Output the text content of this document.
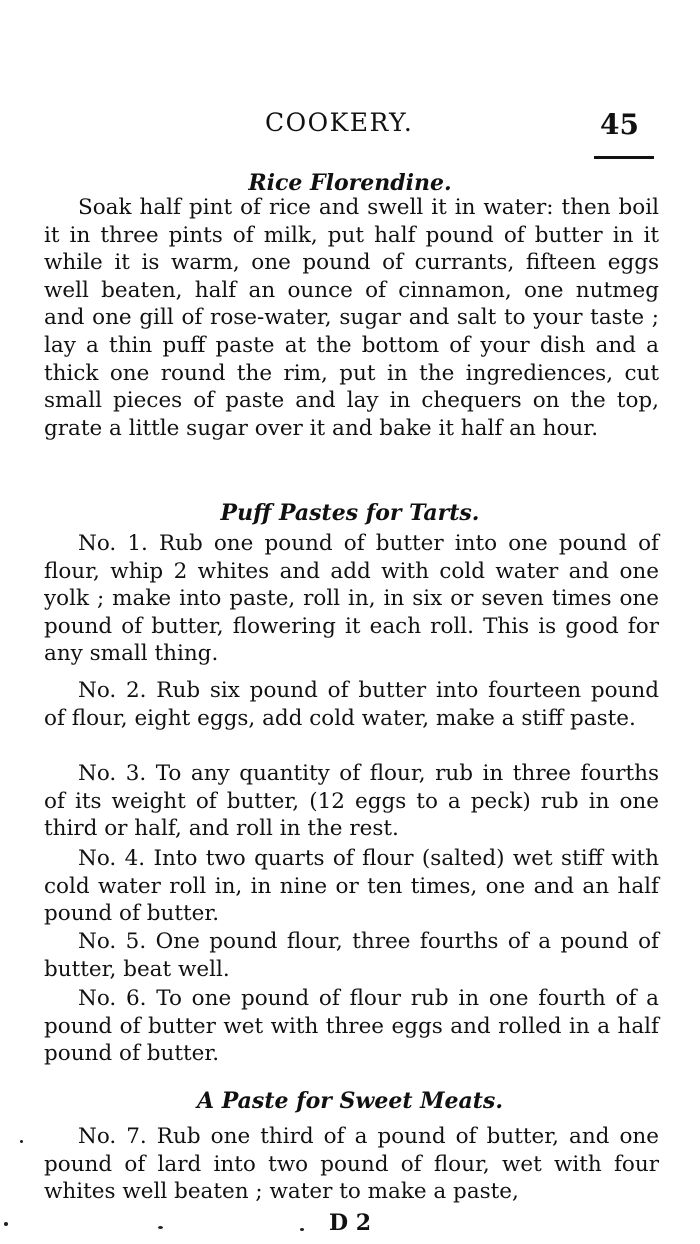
COOKERY.	45
Rice Florendine.

Soak half pint of rice and swell it in water: then boil it in three pints of milk, put half pound of butter in it while it is warm, one pound of currants, fifteen eggs well beaten, half an ounce of cinnamon, one nutmeg and one gill of rose-water, sugar and salt to your taste ; lay a thin puff paste at the bottom of your dish and a thick one round the rim, put in the ingrediences, cut small pieces of paste and lay in chequers on the top, grate a little sugar over it and bake it half an hour.

Puff Pastes for Tarts.

No. 1. Rub one pound of butter into one pound of flour, whip 2 whites and add with cold water and one yolk ; make into paste, roll in, in six or seven times one pound of butter, flowering it each roll. This is good for any small thing.

No. 2. Rub six pound of butter into fourteen pound of flour, eight eggs, add cold water, make a stiff paste.

No. 3. To any quantity of flour, rub in three fourths of its weight of butter, (12 eggs to a peck) rub in one third or half, and roll in the rest.

No. 4. Into two quarts of flour (salted) wet stiff with cold water roll in, in nine or ten times, one and an half pound of butter.

No. 5. One pound flour, three fourths of a pound of butter, beat well.

No. 6. To one pound of flour rub in one fourth of a pound of butter wet with three eggs and rolled in a half pound of butter.

A Paste for Sweet Meats.

No. 7. Rub one third of a pound of butter, and one pound of lard into two pound of flour, wet with four whites well beaten ; water to make a paste,

D 2
